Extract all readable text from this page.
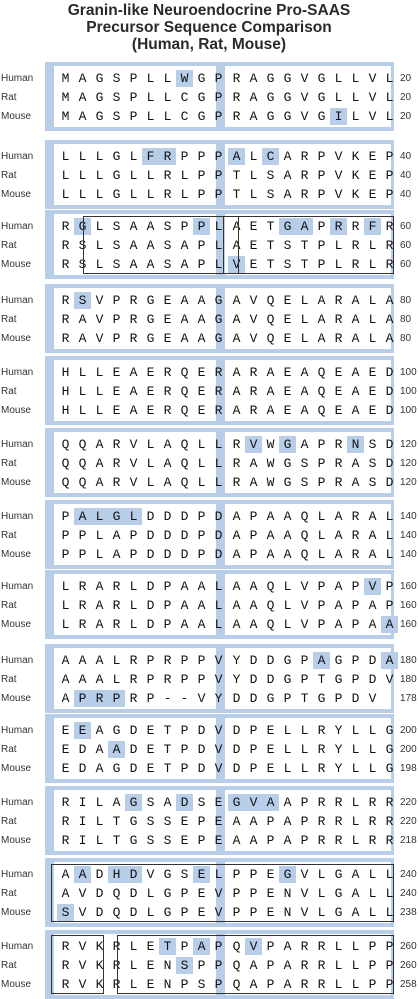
Granin-like Neuroendocrine Pro-SAAS
Precursor Sequence Comparison
(Human, Rat, Mouse)
Human	M A G S P L L W G P R A G G V G L L V L 20
Rat	M A G S P L L C G P R A G G V G L L V L 20
Mouse	M A G S P L L C G P R A G G V G I L V L 20
Human	L L L G L F R P P P A L C A R P V K E P 40
Rat	L L L G L L R L P P T L S A R P V K E P 40
Mouse	L L L G L L R L P P T L S A R P V K E P 40
Human	R G L S A A S P P L A E T G A P R R F R 60
Rat	R S L S A A S A P L A E T S T P L R L R 60
Mouse	R S L S A A S A P L V E T S T P L R L R 60
Human	R S V P R G E A A G A V Q E L A R A L A 80
Rat	R A V P R G E A A G A V Q E L A R A L A 80
Mouse	R A V P R G E A A G A V Q E L A R A L A 80
Human	H L L E A E R Q E R A R A E A Q E A E D 100
Rat	H L L E A E R Q E R A R A E A Q E A E D 100
Mouse	H L L E A E R Q E R A R A E A Q E A E D 100
Human	Q Q A R V L A Q L L R V W G A P R N S D 120
Rat	Q Q A R V L A Q L L R A W G S P R A S D 120
Mouse	Q Q A R V L A Q L L R A W G S P R A S D 120
Human	P A L G L D D D P D A P A A Q L A R A L 140
Rat	P P L A P D D D P D A P A A Q L A R A L 140
Mouse	P P L A P D D D P D A P A A Q L A R A L 140
Human	L R A R L D P A A L A A Q L V P A P V P 160
Rat	L R A R L D P A A L A A Q L V P A P A P 160
Mouse	L R A R L D P A A L A A Q L V P A P A A 160
Human	A A A L R P R P P V Y D D G P A G P D A 180
Rat	A A A L R P R P P V Y D D G P T G P D V 180
Mouse	A P R P R P - - V Y D D G P T G P D V	178
Human	E E A G D E T P D V D P E L L R Y L L G 200
Rat	E D A A D E T P D V D P E L L R Y L L G 200
Mouse	E D A G D E T P D V D P E L L R Y L L G 198
Human	R I L A G S A D S E G V A A P R R L R R 220
Rat	R I L T G S S E P E A A P A P R R L R R 220
Mouse	R I L T G S S E P E A A P A P R R L R R 218
Human	A A D H D V G S E L P P E G V L G A L L 240
Rat	A V D Q D L G P E V P P E N V L G A L L 240
Mouse	S V D Q D L G P E V P P E N V L G A L L 238
Human	R V K R L E T P A P Q V P A R R L L P P 260
Rat	R V K R L E N S P P Q A P A R R L L P P 260
Mouse	R V K R L E N P S P Q A P A R R L L P P 258
